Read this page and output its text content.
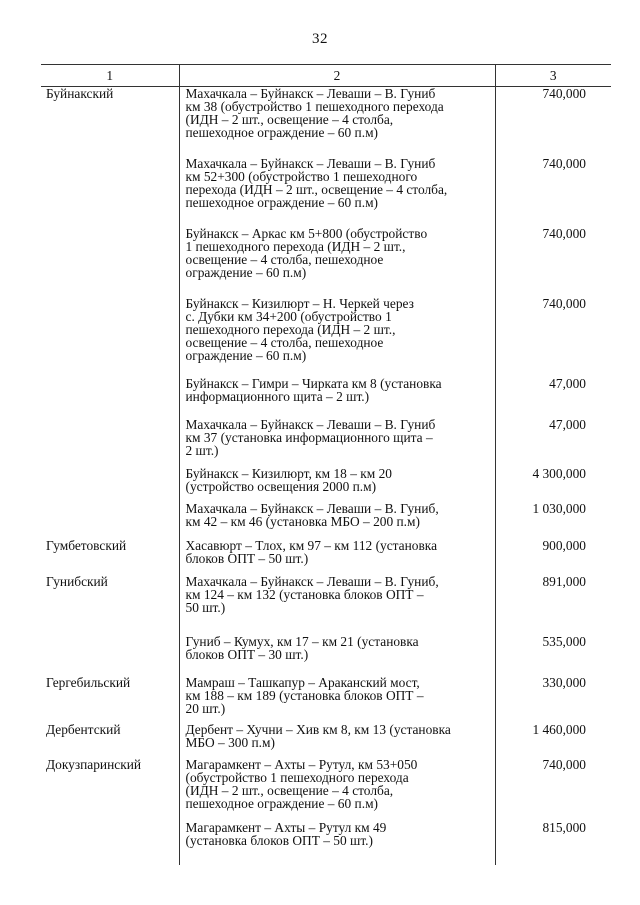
32
1	2	3
Буйнакский	Махачкала – Буйнакск – Леваши – В. Гуниб
км 38 (обустройство 1 пешеходного перехода
(ИДН – 2 шт., освещение – 4 столба,
пешеходное ограждение – 60 п.м)	740,000

	Махачкала – Буйнакск – Леваши – В. Гуниб
км 52+300 (обустройство 1 пешеходного
перехода (ИДН – 2 шт., освещение – 4 столба,
пешеходное ограждение – 60 п.м)	740,000

	Буйнакск – Аркас км 5+800 (обустройство
1 пешеходного перехода (ИДН – 2 шт.,
освещение – 4 столба, пешеходное
ограждение – 60 п.м)	740,000

	Буйнакск – Кизилюрт – Н. Черкей через
с. Дубки км 34+200 (обустройство 1
пешеходного перехода (ИДН – 2 шт.,
освещение – 4 столба, пешеходное
ограждение – 60 п.м)	740,000

	Буйнакск – Гимри – Чирката км 8 (установка
информационного щита – 2 шт.)	47,000

	Махачкала – Буйнакск – Леваши – В. Гуниб
км 37 (установка информационного щита –
2 шт.)	47,000

	Буйнакск – Кизилюрт, км 18 – км 20
(устройство освещения 2000 п.м)	4 300,000

	Махачкала – Буйнакск – Леваши – В. Гуниб,
км 42 – км 46 (установка МБО – 200 п.м)	1 030,000
Гумбетовский	Хасавюрт – Тлох, км 97 – км 112 (установка
блоков ОПТ – 50 шт.)	900,000
Гунибский	Махачкала – Буйнакск – Леваши – В. Гуниб,
км 124 – км 132 (установка блоков ОПТ –
50 шт.)	891,000

	Гуниб – Кумух, км 17 – км 21 (установка
блоков ОПТ – 30 шт.)	535,000
Гергебильский	Мамраш – Ташкапур – Араканский мост,
км 188 – км 189 (установка блоков ОПТ –
20 шт.)	330,000
Дербентский	Дербент – Хучни – Хив км 8, км 13 (установка
МБО – 300 п.м)	1 460,000
Докузпаринский	Магарамкент – Ахты – Рутул, км 53+050
(обустройство 1 пешеходного перехода
(ИДН – 2 шт., освещение – 4 столба,
пешеходное ограждение – 60 п.м)	740,000

	Магарамкент – Ахты – Рутул км 49
(установка блоков ОПТ – 50 шт.)	815,000
